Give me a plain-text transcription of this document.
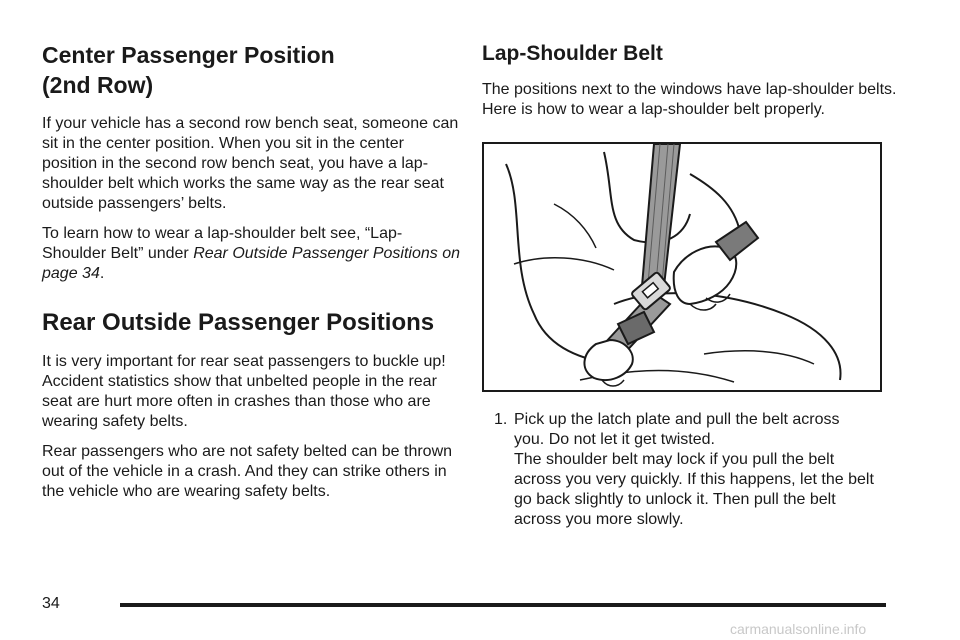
Center Passenger Position
(2nd Row)

If your vehicle has a second row bench seat, someone can sit in the center position. When you sit in the center position in the second row bench seat, you have a lap-shoulder belt which works the same way as the rear seat outside passengers’ belts.

To learn how to wear a lap-shoulder belt see, “Lap-Shoulder Belt” under Rear Outside Passenger Positions on page 34.

Rear Outside Passenger Positions

It is very important for rear seat passengers to buckle up! Accident statistics show that unbelted people in the rear seat are hurt more often in crashes than those who are wearing safety belts.

Rear passengers who are not safety belted can be thrown out of the vehicle in a crash. And they can strike others in the vehicle who are wearing safety belts.

Lap-Shoulder Belt

The positions next to the windows have lap-shoulder belts. Here is how to wear a lap-shoulder belt properly.

1. Pick up the latch plate and pull the belt across you. Do not let it get twisted.
The shoulder belt may lock if you pull the belt across you very quickly. If this happens, let the belt go back slightly to unlock it. Then pull the belt across you more slowly.
34
carmanualsonline.info
